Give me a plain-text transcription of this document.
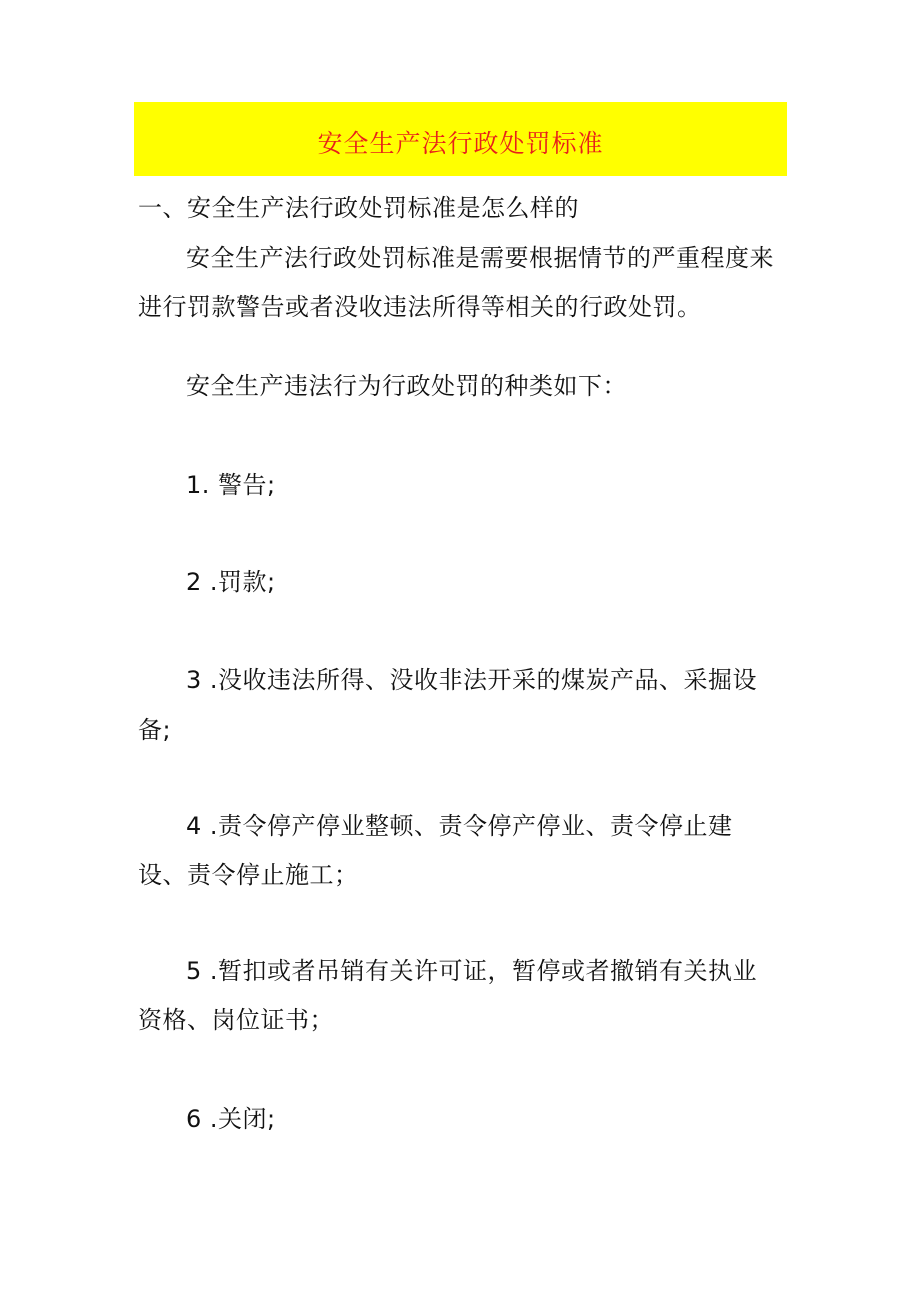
安全生产法行政处罚标准
一、安全生产法行政处罚标准是怎么样的
安全生产法行政处罚标准是需要根据情节的严重程度来
进行罚款警告或者没收违法所得等相关的行政处罚。
安全生产违法行为行政处罚的种类如下：
1. 警告;
2 .罚款;
3 .没收违法所得、没收非法开采的煤炭产品、采掘设
备;
4 .责令停产停业整顿、责令停产停业、责令停止建
设、责令停止施工；
5 .暂扣或者吊销有关许可证，暂停或者撤销有关执业
资格、岗位证书；
6 .关闭;
